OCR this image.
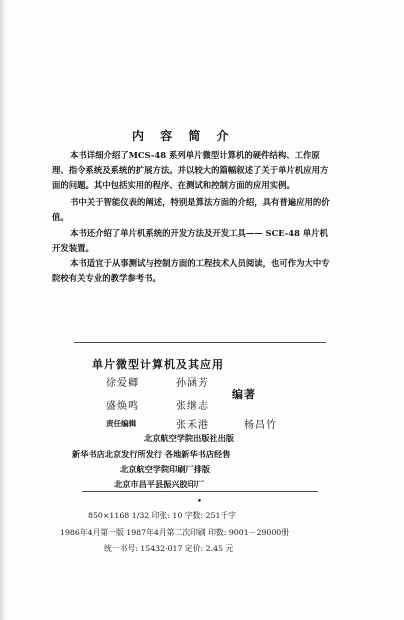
内 容 简 介
本书详细介绍了MCS-48 系列单片微型计算机的硬件结构、工作原
理、指令系统及系统的扩展方法。并以较大的篇幅叙述了关于单片机应用方
面的问题。其中包括实用的程序、在测试和控制方面的应用实例。
书中关于智能仪表的阐述，特别是算法方面的介绍，具有普遍应用的价
值。
本书还介绍了单片机系统的开发方法及开发工具—— SCE-48 单片机
开发装置。
本书适宜于从事测试与控制方面的工程技术人员阅读，也可作为大中专
院校有关专业的教学参考书。
单片微型计算机及其应用
徐爱卿	孙涵芳
编著
盛焕鸣	张继志
责任编辑	张禾港	杨昌竹
北京航空学院出版社出版
新华书店北京发行所发行 各地新华书店经售
北京航空学院印刷厂排版
北京市昌平县振兴胶印厂
•
850×1168 1/32 印张: 10 字数: 251千字
1986年4月第一版 1987年4月第二次印刷 印数: 9001－29000册
统一书号: 15432·017 定价: 2.45 元
